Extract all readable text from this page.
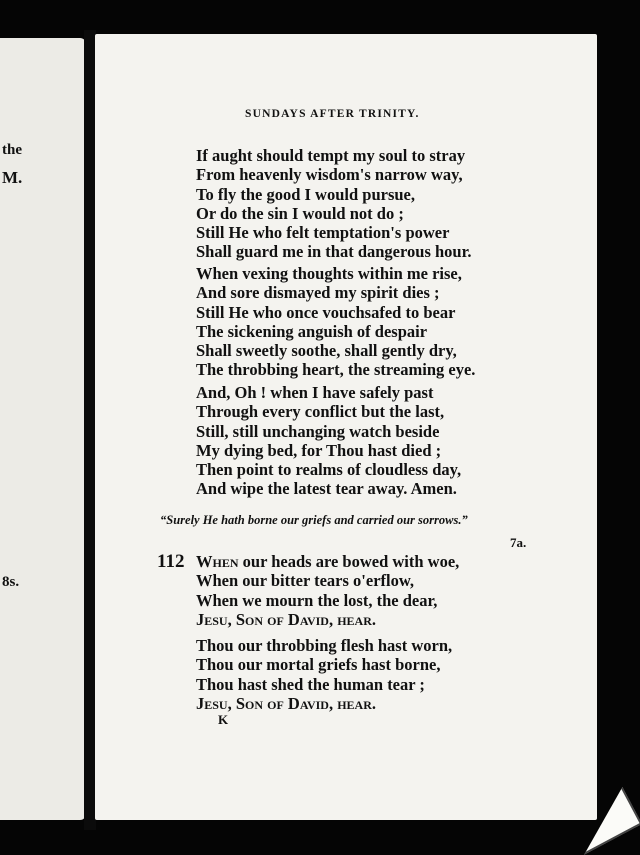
the
M.
8s.
SUNDAYS AFTER TRINITY.
If aught should tempt my soul to stray
From heavenly wisdom's narrow way,
To fly the good I would pursue,
Or do the sin I would not do ;
Still He who felt temptation's power
Shall guard me in that dangerous hour.
When vexing thoughts within me rise,
And sore dismayed my spirit dies ;
Still He who once vouchsafed to bear
The sickening anguish of despair
Shall sweetly soothe, shall gently dry,
The throbbing heart, the streaming eye.
And, Oh ! when I have safely past
Through every conflict but the last,
Still, still unchanging watch beside
My dying bed, for Thou hast died ;
Then point to realms of cloudless day,
And wipe the latest tear away. Amen.
“Surely He hath borne our griefs and carried our sorrows.”
7a.
112 When our heads are bowed with woe,
When our bitter tears o'erflow,
When we mourn the lost, the dear,
Jesu, Son of David, hear.
Thou our throbbing flesh hast worn,
Thou our mortal griefs hast borne,
Thou hast shed the human tear ;
Jesu, Son of David, hear.
K
